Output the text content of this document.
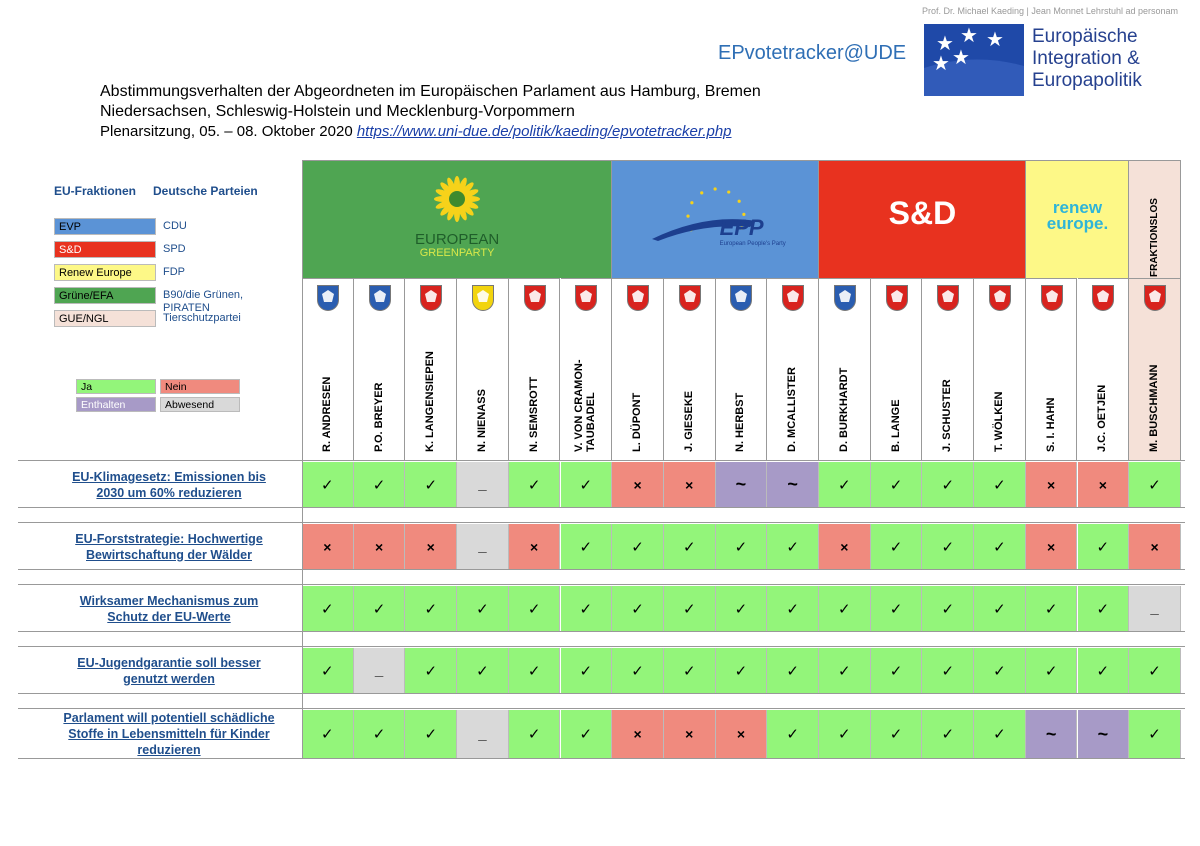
Prof. Dr. Michael Kaeding | Jean Monnet Lehrstuhl ad personam
EPvotetracker@UDE ★ ★ ★
★ ★
Europäische
Integration &
Europapolitik
Abstimmungsverhalten der Abgeordneten im Europäischen Parlament aus Hamburg, Bremen
Niedersachsen, Schleswig-Holstein und Mecklenburg-Vorpommern
Plenarsitzung, 05. – 08. Oktober 2020 https://www.uni-due.de/politik/kaeding/epvotetracker.php
EU-Fraktionen Deutsche Parteien
EVP	CDU
S&D	SPD
Renew Europe	FDP
Grüne/EFA	B90/die Grünen, PIRATEN
GUE/NGL	Tierschutzpartei
Ja	Nein
Enthalten	Abwesend
EUROPEAN
GREENPARTY
EPP
European People's Party
S&D	renew
europe.	FRAKTIONSLOS
R. ANDRESEN	P.O. BREYER	K. LANGENSIEPEN	N. NIENASS	N. SEMSROTT	V. VON CRAMON-TAUBADEL	L. DÜPONT	J. GIESEKE	N. HERBST	D. MCALLISTER	D. BURKHARDT	B. LANGE	J. SCHUSTER	T. WÖLKEN	S. I. HAHN	J.C. OETJEN	M. BUSCHMANN
EU-Klimagesetz: Emissionen bis
2030 um 60% reduzieren	✓	✓	✓	_	✓	✓	×	×	~	~	✓	✓	✓	✓	×	×	✓
EU-Forststrategie: Hochwertige
Bewirtschaftung der Wälder	×	×	×	_	×	✓	✓	✓	✓	✓	×	✓	✓	✓	×	✓	×
Wirksamer Mechanismus zum
Schutz der EU-Werte	✓	✓	✓	✓	✓	✓	✓	✓	✓	✓	✓	✓	✓	✓	✓	✓	_
EU-Jugendgarantie soll besser
genutzt werden	✓	_	✓	✓	✓	✓	✓	✓	✓	✓	✓	✓	✓	✓	✓	✓	✓
Parlament will potentiell schädliche
Stoffe in Lebensmitteln für Kinder
reduzieren
✓	✓	✓	_	✓	✓	×	×	×	✓	✓	✓	✓	✓	~	~	✓
